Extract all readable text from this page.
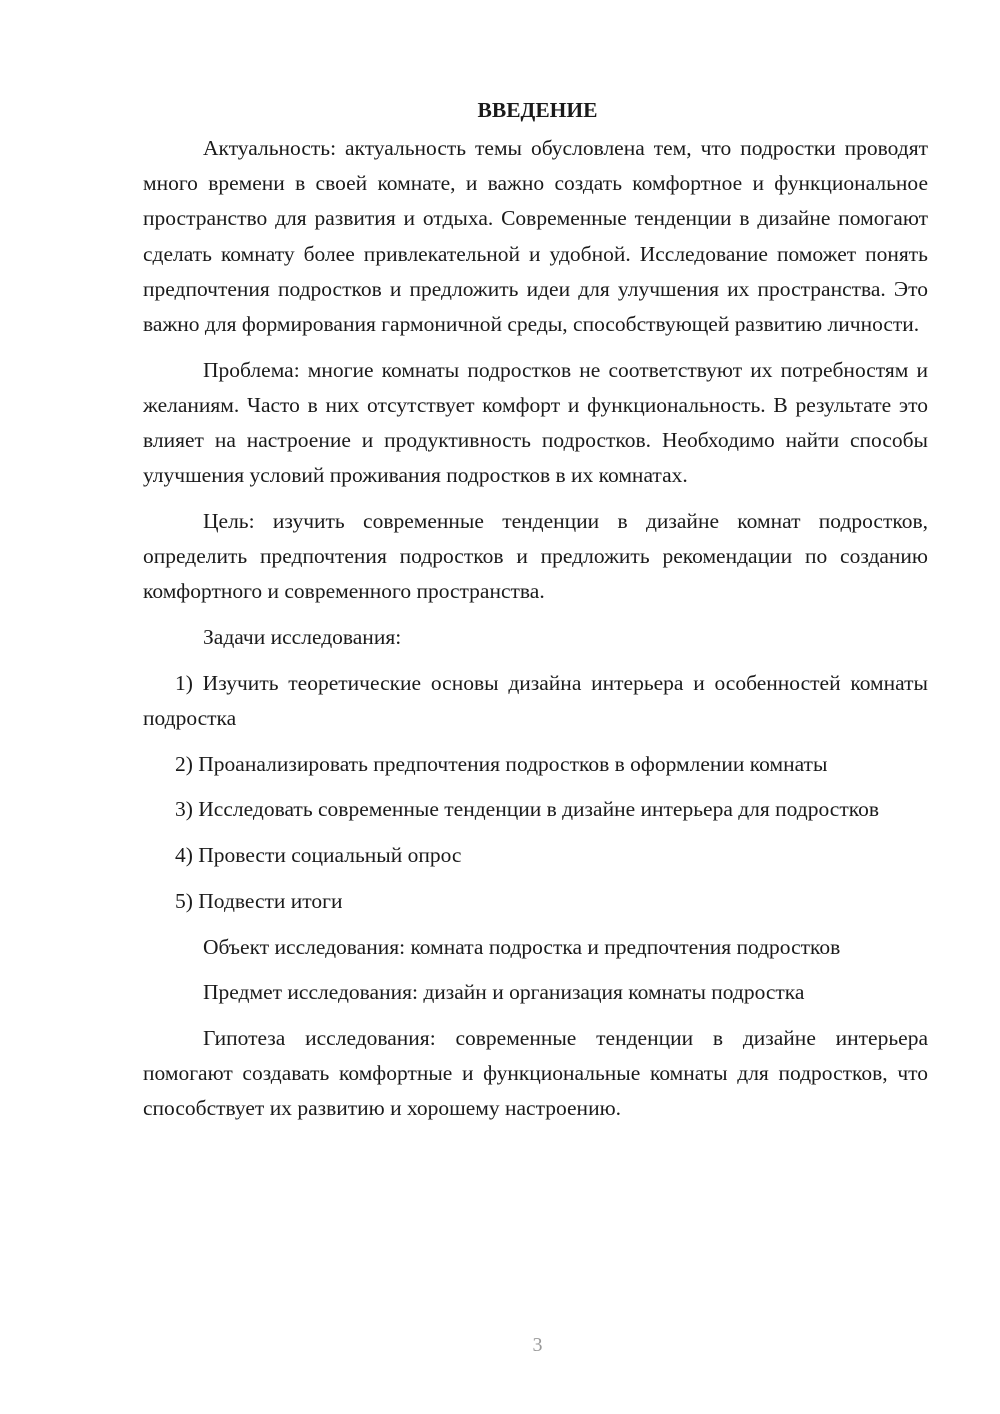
ВВЕДЕНИЕ

Актуальность: актуальность темы обусловлена тем, что подростки проводят много времени в своей комнате, и важно создать комфортное и функциональное пространство для развития и отдыха. Современные тенденции в дизайне помогают сделать комнату более привлекательной и удобной. Исследование поможет понять предпочтения подростков и предложить идеи для улучшения их пространства. Это важно для формирования гармоничной среды, способствующей развитию личности.

Проблема: многие комнаты подростков не соответствуют их потребностям и желаниям. Часто в них отсутствует комфорт и функциональность. В результате это влияет на настроение и продуктивность подростков. Необходимо найти способы улучшения условий проживания подростков в их комнатах.

Цель: изучить современные тенденции в дизайне комнат подростков, определить предпочтения подростков и предложить рекомендации по созданию комфортного и современного пространства.

Задачи исследования:

1) Изучить теоретические основы дизайна интерьера и особенностей комнаты подростка

2) Проанализировать предпочтения подростков в оформлении комнаты

3) Исследовать современные тенденции в дизайне интерьера для подростков

4) Провести социальный опрос

5) Подвести итоги

Объект исследования: комната подростка и предпочтения подростков

Предмет исследования: дизайн и организация комнаты подростка

Гипотеза исследования: современные тенденции в дизайне интерьера помогают создавать комфортные и функциональные комнаты для подростков, что способствует их развитию и хорошему настроению.

3
